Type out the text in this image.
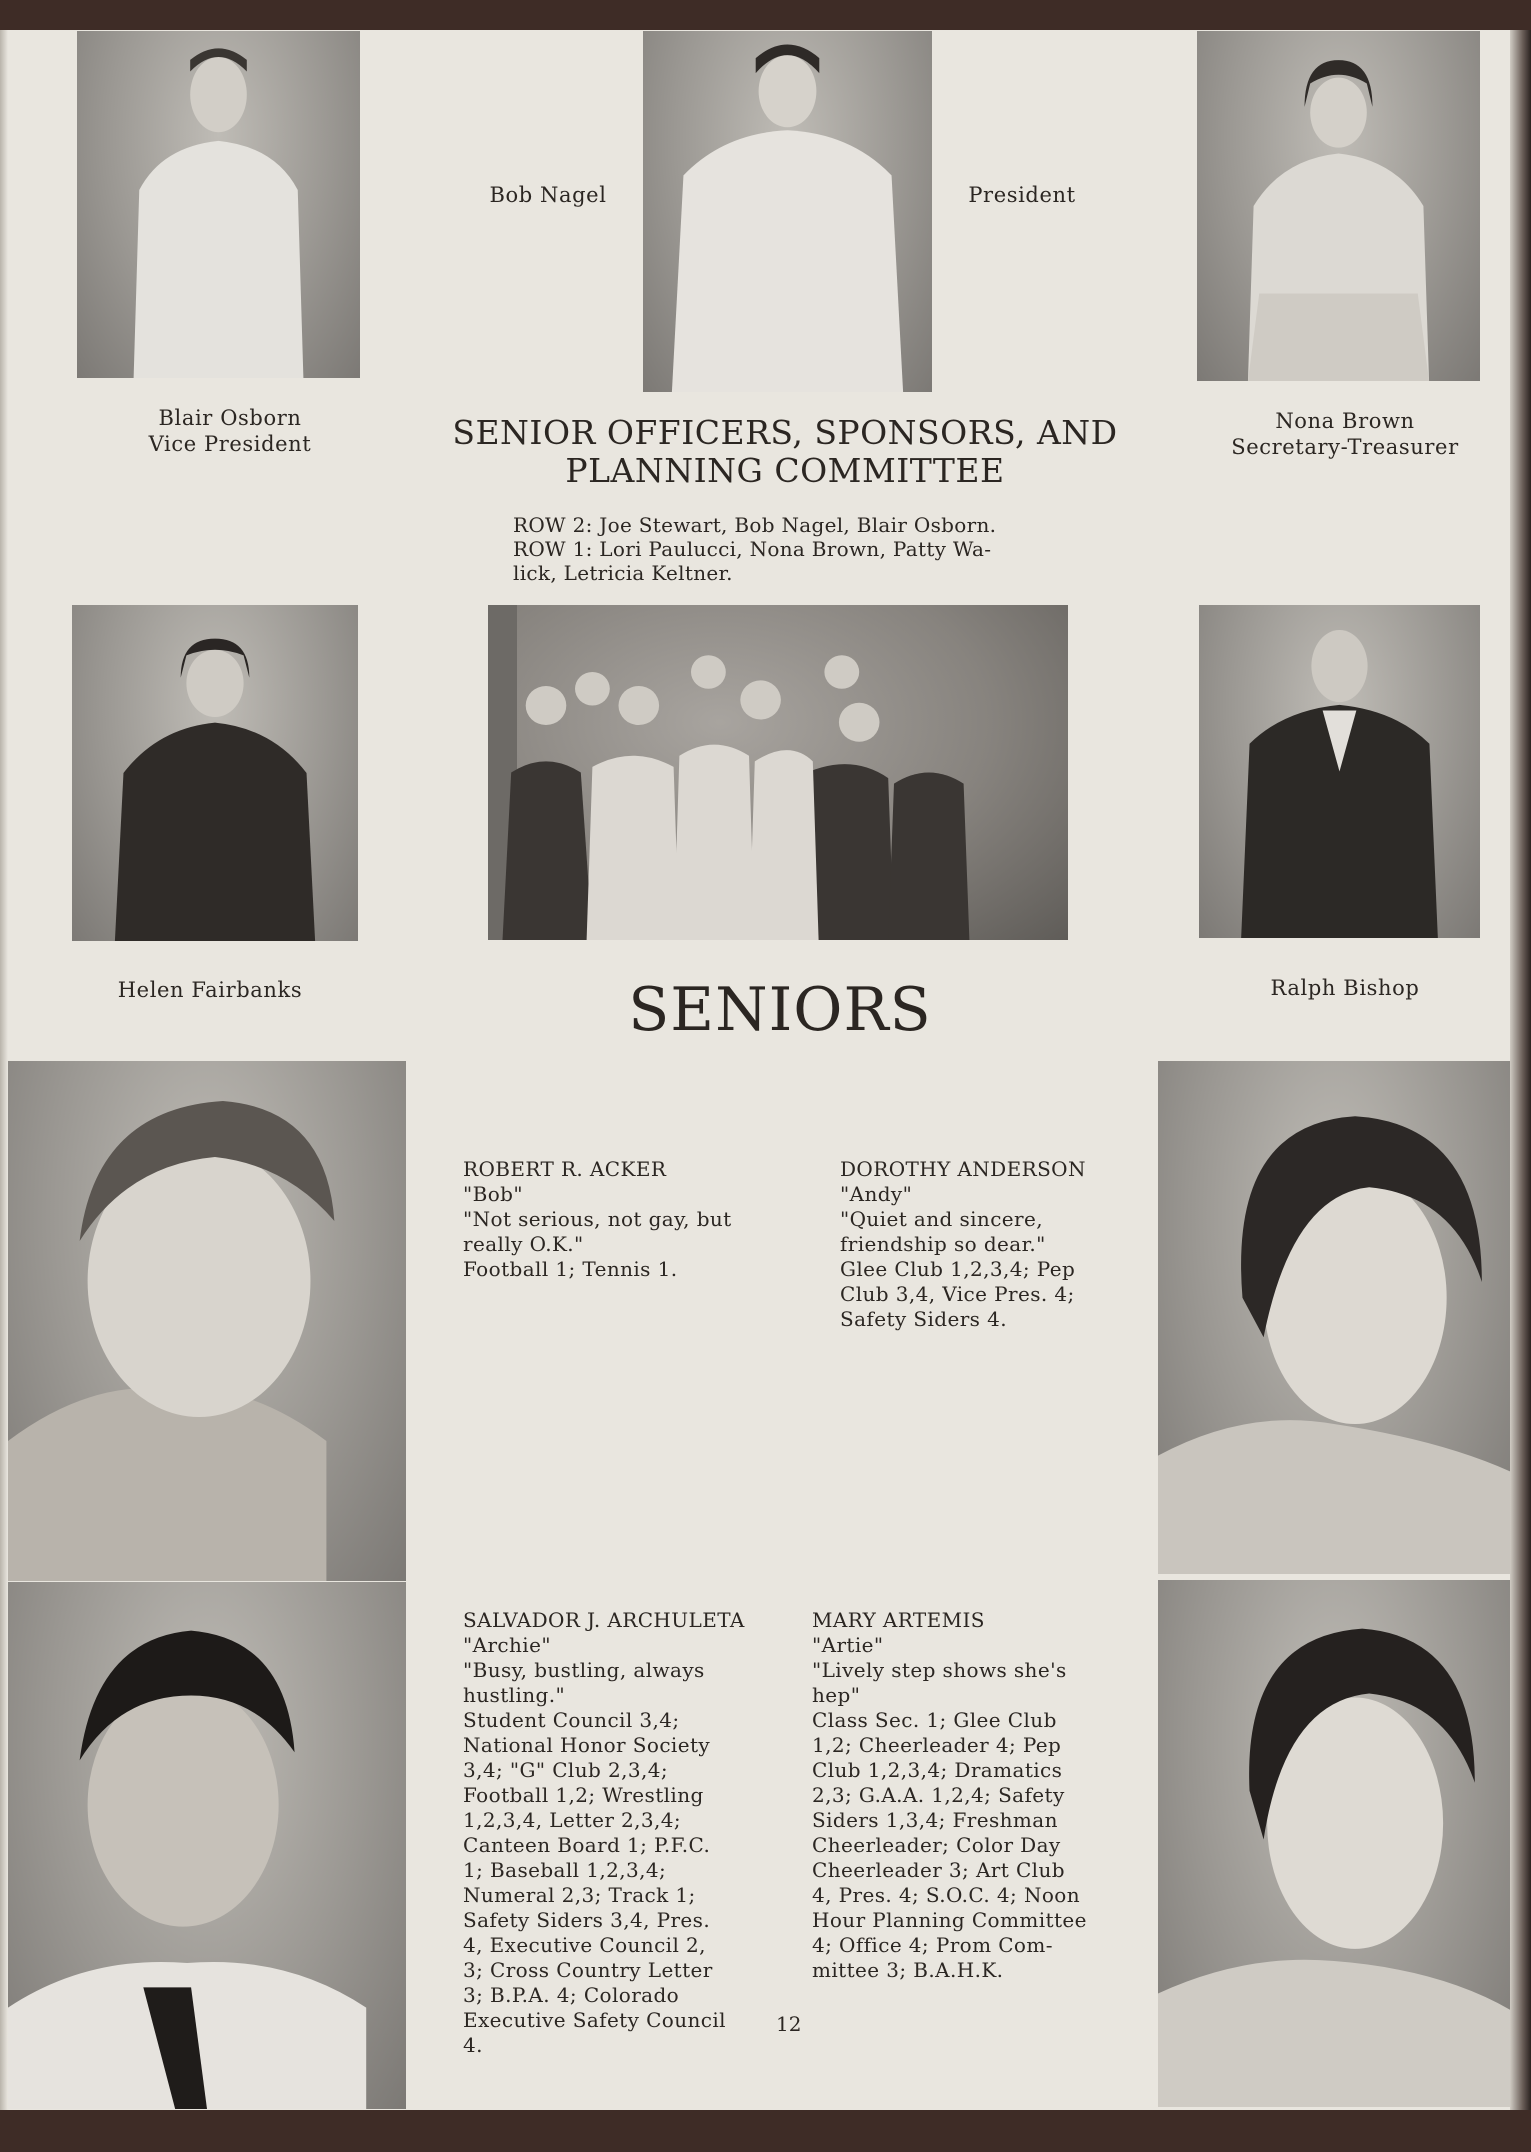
Blair Osborn
Vice President
Bob Nagel	President
Nona Brown
Secretary-Treasurer
SENIOR OFFICERS, SPONSORS, AND
PLANNING COMMITTEE
ROW 2: Joe Stewart, Bob Nagel, Blair Osborn.
ROW 1: Lori Paulucci, Nona Brown, Patty Wa-
lick, Letricia Keltner.
Helen Fairbanks	Ralph Bishop
SENIORS
ROBERT R. ACKER
"Bob"
"Not serious, not gay, but
really O.K."
Football 1; Tennis 1.
DOROTHY ANDERSON
"Andy"
"Quiet and sincere,
friendship so dear."
Glee Club 1,2,3,4; Pep
Club 3,4, Vice Pres. 4;
Safety Siders 4.
SALVADOR J. ARCHULETA
"Archie"
"Busy, bustling, always
hustling."
Student Council 3,4;
National Honor Society
3,4; "G" Club 2,3,4;
Football 1,2; Wrestling
1,2,3,4, Letter 2,3,4;
Canteen Board 1; P.F.C.
1; Baseball 1,2,3,4;
Numeral 2,3; Track 1;
Safety Siders 3,4, Pres.
4, Executive Council 2,
3; Cross Country Letter
3; B.P.A. 4; Colorado
Executive Safety Council
4.
MARY ARTEMIS
"Artie"
"Lively step shows she's
hep"
Class Sec. 1; Glee Club
1,2; Cheerleader 4; Pep
Club 1,2,3,4; Dramatics
2,3; G.A.A. 1,2,4; Safety
Siders 1,3,4; Freshman
Cheerleader; Color Day
Cheerleader 3; Art Club
4, Pres. 4; S.O.C. 4; Noon
Hour Planning Committee
4; Office 4; Prom Com-
mittee 3; B.A.H.K.
12
